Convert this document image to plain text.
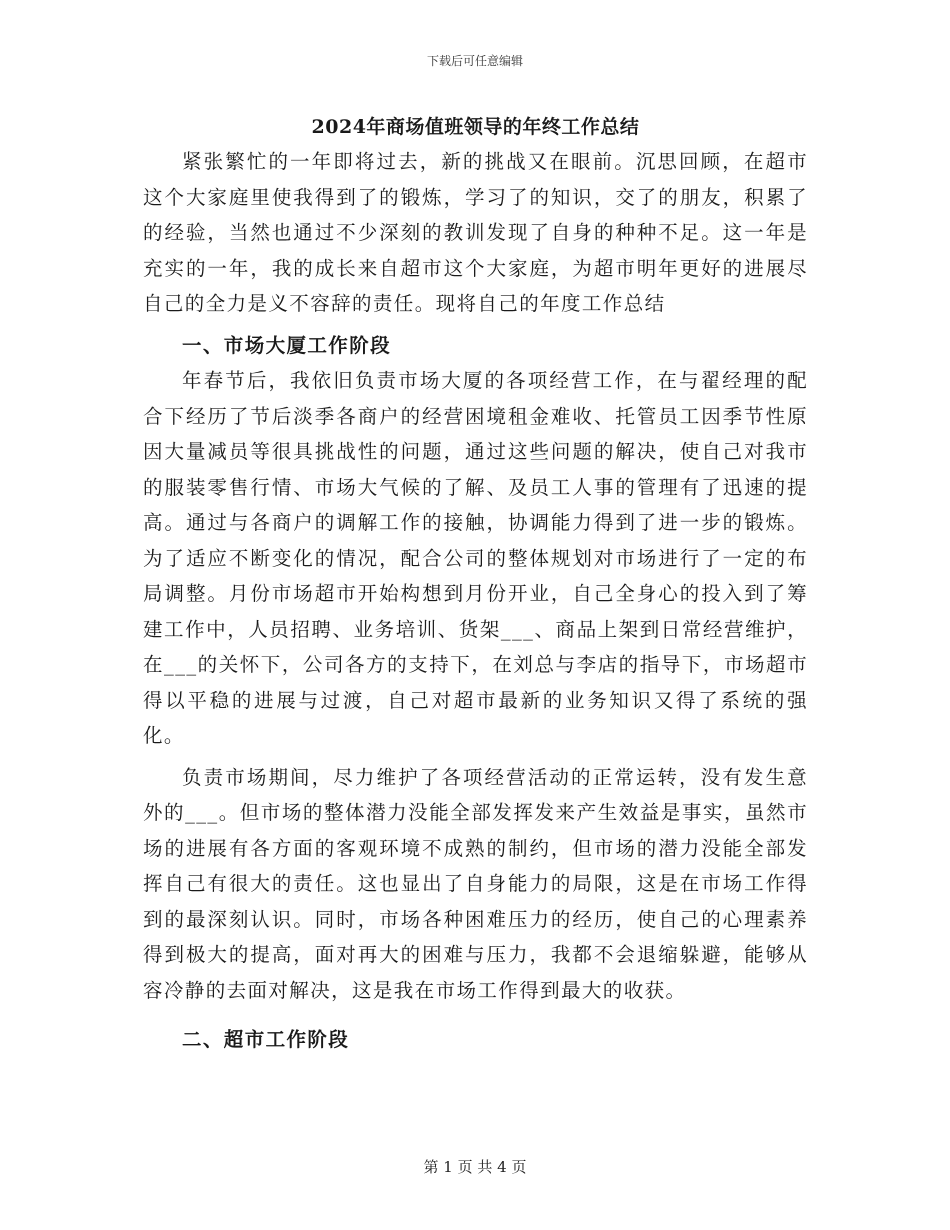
下载后可任意编辑
2024年商场值班领导的年终工作总结

紧张繁忙的一年即将过去，新的挑战又在眼前。沉思回顾，在超市这个大家庭里使我得到了的锻炼，学习了的知识，交了的朋友，积累了的经验，当然也通过不少深刻的教训发现了自身的种种不足。这一年是充实的一年，我的成长来自超市这个大家庭，为超市明年更好的进展尽自己的全力是义不容辞的责任。现将自己的年度工作总结

一、市场大厦工作阶段

年春节后，我依旧负责市场大厦的各项经营工作，在与翟经理的配合下经历了节后淡季各商户的经营困境租金难收、托管员工因季节性原因大量减员等很具挑战性的问题，通过这些问题的解决，使自己对我市的服装零售行情、市场大气候的了解、及员工人事的管理有了迅速的提高。通过与各商户的调解工作的接触，协调能力得到了进一步的锻炼。为了适应不断变化的情况，配合公司的整体规划对市场进行了一定的布局调整。月份市场超市开始构想到月份开业，自己全身心的投入到了筹建工作中，人员招聘、业务培训、货架___、商品上架到日常经营维护，在___的关怀下，公司各方的支持下，在刘总与李店的指导下，市场超市得以平稳的进展与过渡，自己对超市最新的业务知识又得了系统的强化。

负责市场期间，尽力维护了各项经营活动的正常运转，没有发生意外的___。但市场的整体潜力没能全部发挥发来产生效益是事实，虽然市场的进展有各方面的客观环境不成熟的制约，但市场的潜力没能全部发挥自己有很大的责任。这也显出了自身能力的局限，这是在市场工作得到的最深刻认识。同时，市场各种困难压力的经历，使自己的心理素养得到极大的提高，面对再大的困难与压力，我都不会退缩躲避，能够从容冷静的去面对解决，这是我在市场工作得到最大的收获。

二、超市工作阶段

第 1 页 共 4 页
